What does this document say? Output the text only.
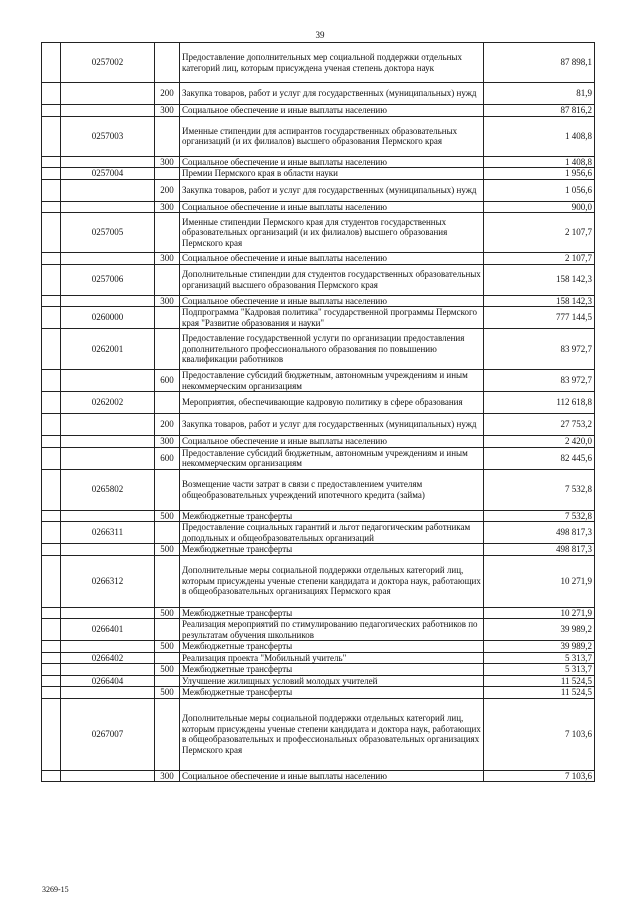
39
	0257002		Предоставление дополнительных мер социальной поддержки отдельных категорий лиц, которым присуждена ученая степень доктора наук	87 898,1
		200	Закупка товаров, работ и услуг для государственных (муниципальных) нужд	81,9
		300	Социальное обеспечение и иные выплаты населению	87 816,2
	0257003		Именные стипендии для аспирантов государственных образовательных организаций (и их филиалов) высшего образования Пермского края	1 408,8
		300	Социальное обеспечение и иные выплаты населению	1 408,8
	0257004		Премии Пермского края в области науки	1 956,6
		200	Закупка товаров, работ и услуг для государственных (муниципальных) нужд	1 056,6
		300	Социальное обеспечение и иные выплаты населению	900,0
	0257005		Именные стипендии Пермского края для студентов государственных образовательных организаций (и их филиалов) высшего образования Пермского края	2 107,7
		300	Социальное обеспечение и иные выплаты населению	2 107,7
	0257006		Дополнительные стипендии для студентов государственных образовательных организаций высшего образования Пермского края	158 142,3
		300	Социальное обеспечение и иные выплаты населению	158 142,3
	0260000		Подпрограмма "Кадровая политика" государственной программы Пермского края "Развитие образования и науки"	777 144,5
	0262001		Предоставление государственной услуги по организации предоставления дополнительного профессионального образования по повышению квалификации работников	83 972,7
		600	Предоставление субсидий бюджетным, автономным учреждениям и иным некоммерческим организациям	83 972,7
	0262002		Мероприятия, обеспечивающие кадровую политику в сфере образования	112 618,8
		200	Закупка товаров, работ и услуг для государственных (муниципальных) нужд	27 753,2
		300	Социальное обеспечение и иные выплаты населению	2 420,0
		600	Предоставление субсидий бюджетным, автономным учреждениям и иным некоммерческим организациям	82 445,6
	0265802		Возмещение части затрат в связи с предоставлением учителям общеобразовательных учреждений ипотечного кредита (займа)	7 532,8
		500	Межбюджетные трансферты	7 532,8
	0266311		Предоставление социальных гарантий и льгот педагогическим работникам доподльных и общеобразовательных организаций	498 817,3
		500	Межбюджетные трансферты	498 817,3
	0266312		Дополнительные меры социальной поддержки отдельных категорий лиц, которым присуждены ученые степени кандидата и доктора наук, работающих в общеобразовательных организациях Пермского края	10 271,9
		500	Межбюджетные трансферты	10 271,9
	0266401		Реализация мероприятий по стимулированию педагогических работников по результатам обучения школьников	39 989,2
		500	Межбюджетные трансферты	39 989,2
	0266402		Реализация проекта "Мобильный учитель"	5 313,7
		500	Межбюджетные трансферты	5 313,7
	0266404		Улучшение жилищных условий молодых учителей	11 524,5
		500	Межбюджетные трансферты	11 524,5
	0267007		Дополнительные меры социальной поддержки отдельных категорий лиц, которым присуждены ученые степени кандидата и доктора наук, работающих в общеобразовательных и профессиональных образовательных организациях Пермского края	7 103,6
		300	Социальное обеспечение и иные выплаты населению	7 103,6
3269-15
